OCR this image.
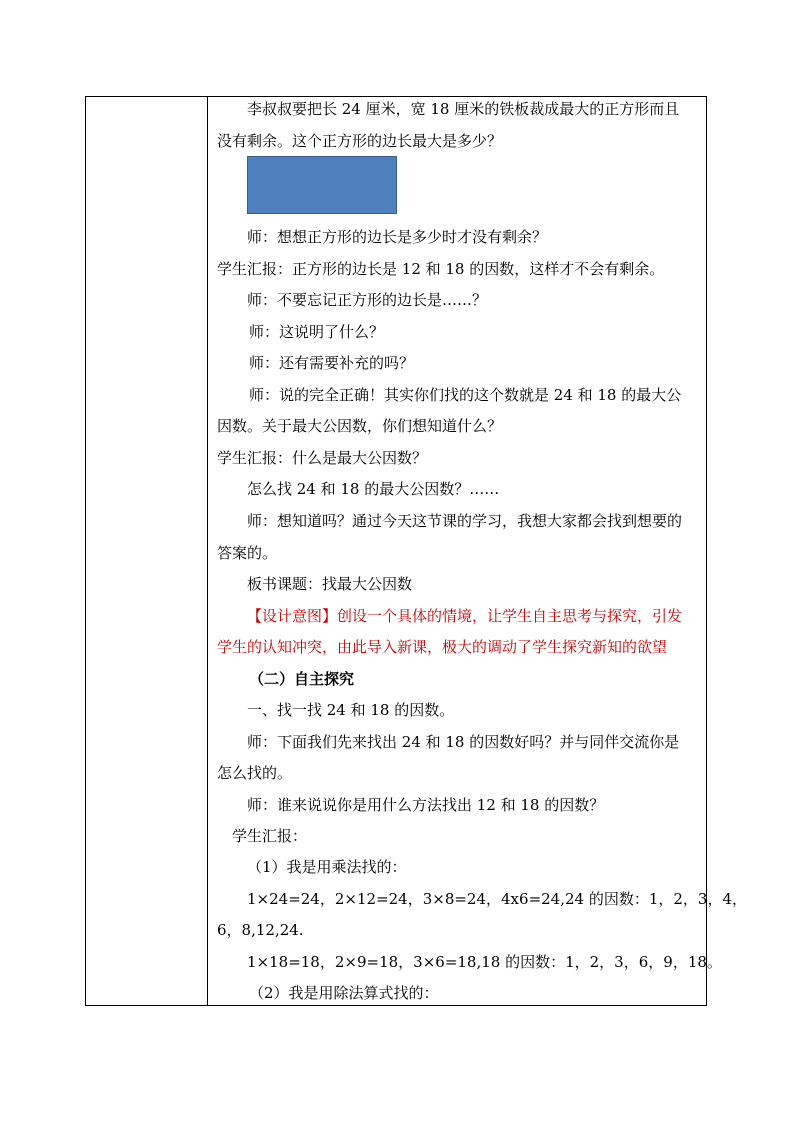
李叔叔要把长 24 厘米，宽 18 厘米的铁板裁成最大的正方形而且
没有剩余。这个正方形的边长最大是多少？
师：想想正方形的边长是多少时才没有剩余？
学生汇报：正方形的边长是 12 和 18 的因数，这样才不会有剩余。
师：不要忘记正方形的边长是……？
师：这说明了什么？
师：还有需要补充的吗？
师：说的完全正确！其实你们找的这个数就是 24 和 18 的最大公
因数。关于最大公因数，你们想知道什么？
学生汇报：什么是最大公因数？
怎么找 24 和 18 的最大公因数？……
师：想知道吗？通过今天这节课的学习，我想大家都会找到想要的
答案的。
板书课题：找最大公因数
【设计意图】创设一个具体的情境，让学生自主思考与探究，引发
学生的认知冲突，由此导入新课，极大的调动了学生探究新知的欲望
（二）自主探究
一、找一找 24 和 18 的因数。
师：下面我们先来找出 24 和 18 的因数好吗？并与同伴交流你是
怎么找的。
师：谁来说说你是用什么方法找出 12 和 18 的因数？
学生汇报：
（1）我是用乘法找的：
1×24=24，2×12=24，3×8=24，4x6=24,24 的因数：1，2，3，4，
6，8,12,24.
1×18=18，2×9=18，3×6=18,18 的因数：1，2，3，6，9，18。
（2）我是用除法算式找的：
